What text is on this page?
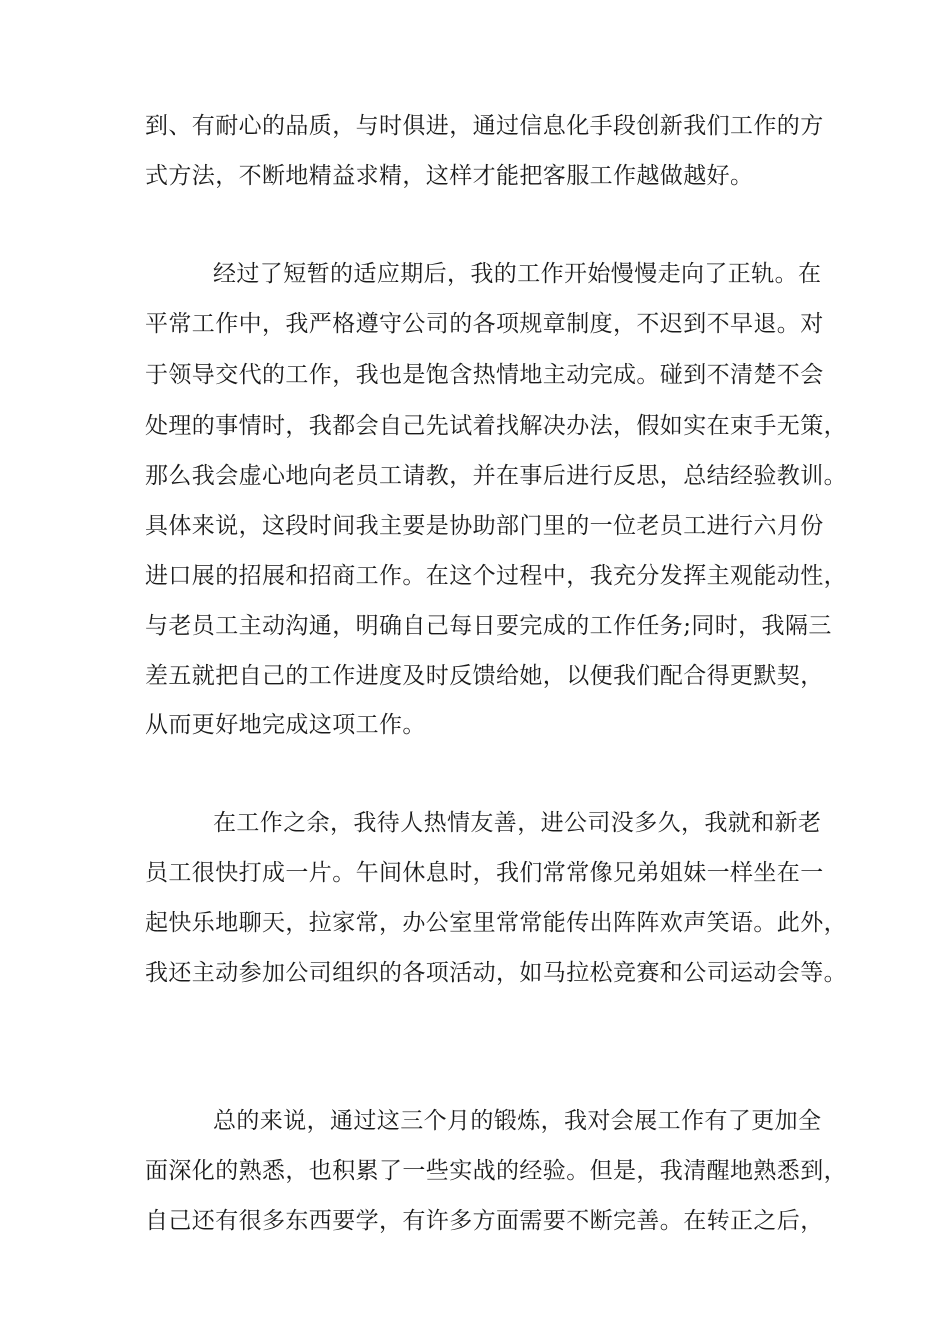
到、有耐心的品质，与时俱进，通过信息化手段创新我们工作的方
式方法，不断地精益求精，这样才能把客服工作越做越好。
经过了短暂的适应期后，我的工作开始慢慢走向了正轨。在
平常工作中，我严格遵守公司的各项规章制度，不迟到不早退。对
于领导交代的工作，我也是饱含热情地主动完成。碰到不清楚不会
处理的事情时，我都会自己先试着找解决办法，假如实在束手无策，
那么我会虚心地向老员工请教，并在事后进行反思，总结经验教训。
具体来说，这段时间我主要是协助部门里的一位老员工进行六月份
进口展的招展和招商工作。在这个过程中，我充分发挥主观能动性，
与老员工主动沟通，明确自己每日要完成的工作任务;同时，我隔三
差五就把自己的工作进度及时反馈给她，以便我们配合得更默契，
从而更好地完成这项工作。
在工作之余，我待人热情友善，进公司没多久，我就和新老
员工很快打成一片。午间休息时，我们常常像兄弟姐妹一样坐在一
起快乐地聊天，拉家常，办公室里常常能传出阵阵欢声笑语。此外，
我还主动参加公司组织的各项活动，如马拉松竞赛和公司运动会等。
总的来说，通过这三个月的锻炼，我对会展工作有了更加全
面深化的熟悉，也积累了一些实战的经验。但是，我清醒地熟悉到，
自己还有很多东西要学，有许多方面需要不断完善。在转正之后，
